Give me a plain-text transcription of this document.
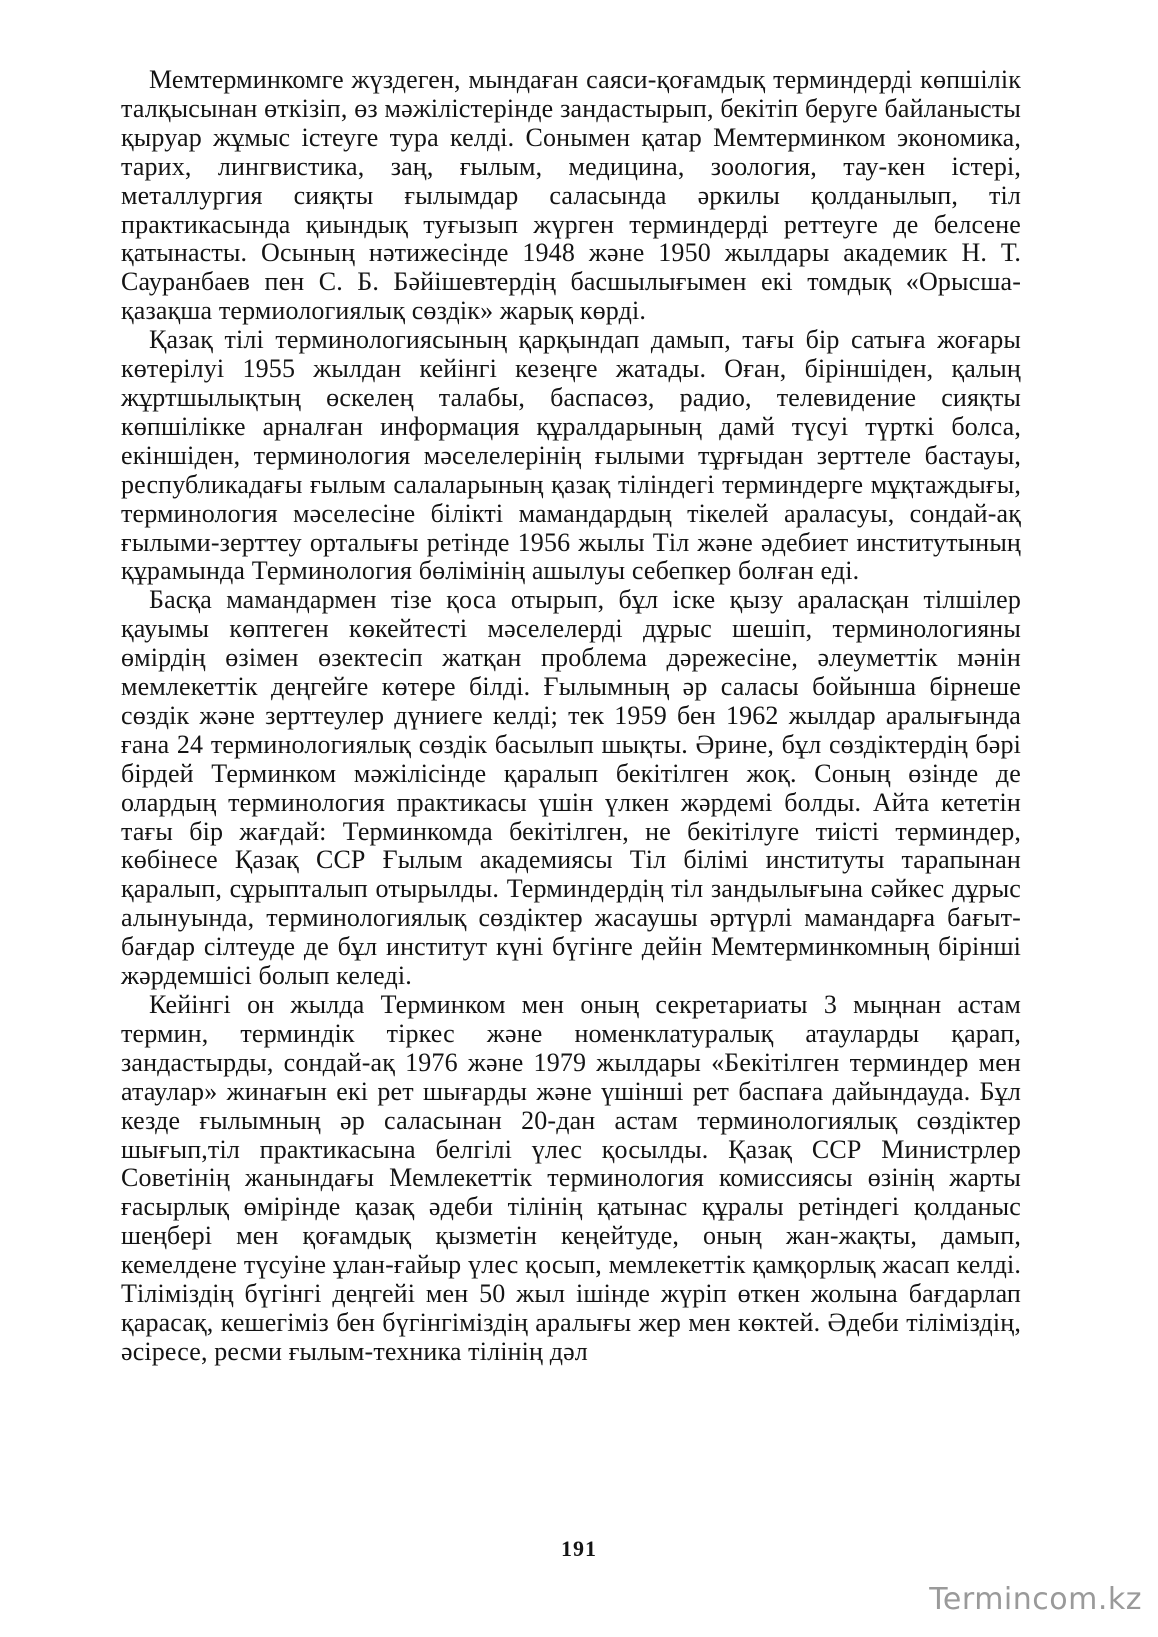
Мемтерминкомге жүздеген, мындаған саяси-қоғамдық терминдерді көпшілік талқысынан өткізіп, өз мәжілістерінде зандастырып, бекітіп беруге байланысты қыруар жұмыс істеуге тура келді. Сонымен қатар Мемтерминком экономика, тарих, лингвистика, заң, ғылым, медицина, зоология, тау-кен істері, металлургия сияқты ғылымдар саласында әркилы қолданылып, тіл практикасында қиындық туғызып жүрген терминдерді реттеуге де белсене қатынасты. Осының нәтижесінде 1948 және 1950 жылдары академик Н. Т. Сауранбаев пен С. Б. Бәйішевтердің басшылығымен екі томдық «Орысша-қазақша термиологиялық сөздік» жарық көрді.

Қазақ тілі терминологиясының қарқындап дамып, тағы бір сатыға жоғары көтерілуі 1955 жылдан кейінгі кезеңге жатады. Оған, біріншіден, қалың жұртшылықтың өскелең талабы, баспасөз, радио, телевидение сияқты көпшілікке арналған информация құралдарының дамй түсуі түрткі болса, екіншіден, терминология мәселелерінің ғылыми тұрғыдан зерттеле бастауы, республикадағы ғылым салаларының қазақ тіліндегі терминдерге мұқтаждығы, терминология мәселесіне білікті мамандардың тікелей араласуы, сондай-ақ ғылыми-зерттеу орталығы ретінде 1956 жылы Тіл және әдебиет институтының құрамында Терминология бөлімінің ашылуы себепкер болған еді.

Басқа мамандармен тізе қоса отырып, бұл іске қызу араласқан тілшілер қауымы көптеген көкейтесті мәселелерді дұрыс шешіп, терминологияны өмірдің өзімен өзектесіп жатқан проблема дәрежесіне, әлеуметтік мәнін мемлекеттік деңгейге көтере білді. Ғылымның әр саласы бойынша бірнеше сөздік және зерттеулер дүниеге келді; тек 1959 бен 1962 жылдар аралығында ғана 24 терминологиялық сөздік басылып шықты. Әрине, бұл сөздіктердің бәрі бірдей Терминком мәжілісінде қаралып бекітілген жоқ. Соның өзінде де олардың терминология практикасы үшін үлкен жәрдемі болды. Айта кететін тағы бір жағдай: Терминкомда бекітілген, не бекітілуге тиісті терминдер, көбінесе Қазақ ССР Ғылым академиясы Тіл білімі институты тарапынан қаралып, сұрыпталып отырылды. Терминдердің тіл зандылығына сәйкес дұрыс алынуында, терминологиялық сөздіктер жасаушы әртүрлі мамандарға бағыт-бағдар сілтеуде де бұл институт күні бүгінге дейін Мемтерминкомның бірінші жәрдемшісі болып келеді.

Кейінгі он жылда Терминком мен оның секретариаты 3 мыңнан астам термин, терминдік тіркес және номенклатуралық атауларды қарап, зандастырды, сондай-ақ 1976 және 1979 жылдары «Бекітілген терминдер мен атаулар» жинағын екі рет шығарды және үшінші рет баспаға дайындауда. Бұл кезде ғылымның әр саласынан 20-дан астам терминологиялық сөздіктер шығып,тіл практикасына белгілі үлес қосылды. Қазақ ССР Министрлер Советінің жанындағы Мемлекеттік терминология комиссиясы өзінің жарты ғасырлық өмірінде қазақ әдеби тілінің қатынас құралы ретіндегі қолданыс шеңбері мен қоғамдық қызметін кеңейтуде, оның жан-жақты, дамып, кемелдене түсуіне ұлан-ғайыр үлес қосып, мемлекеттік қамқорлық жасап келді. Тіліміздің бүгінгі деңгейі мен 50 жыл ішінде жүріп өткен жолына бағдарлап қарасақ, кешегіміз бен бүгінгіміздің аралығы жер мен көктей. Әдеби тіліміздің, әсіресе, ресми ғылым-техника тілінің дәл

191
Termincom.kz
